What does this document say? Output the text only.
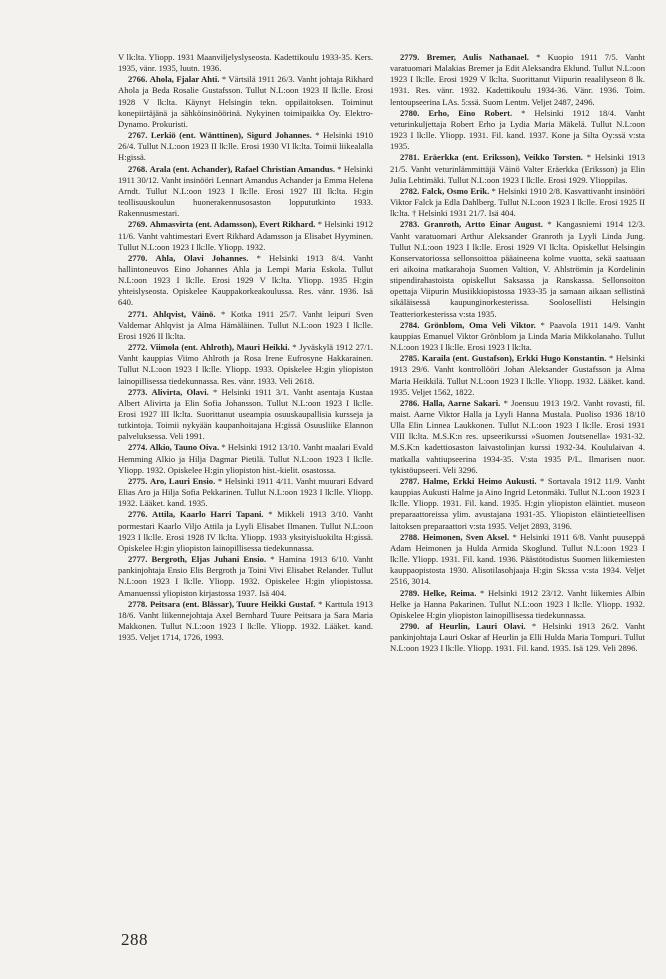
V lk:lta. Yliopp. 1931 Maanviljelyslyseosta. Kadettikoulu 1933-35. Kers. 1935, vänr. 1935, luutn. 1936.

2766. Ahola, Fjalar Ahti. * Värtsilä 1911 26/3. Vanht johtaja Rikhard Ahola ja Beda Rosalie Gustafsson. Tullut N.L:oon 1923 II lk:lle. Erosi 1928 V lk:lta. Käynyt Helsingin tekn. oppilaitoksen. Toiminut konepiirtäjänä ja sähköinsinöörinä. Nykyinen toimipaikka Oy. Elektro-Dynamo. Prokuristi.

2767. Lerkiö (ent. Wänttinen), Sigurd Johannes. * Helsinki 1910 26/4. Tullut N.L:oon 1923 II lk:lle. Erosi 1930 VI lk:lta. Toimii liikealalla H:gissä.

2768. Arala (ent. Achander), Rafael Christian Amandus. * Helsinki 1911 30/12. Vanht insinööri Lennart Amandus Achander ja Emma Helena Arndt. Tullut N.L:oon 1923 I lk:lle. Erosi 1927 III lk:lta. H:gin teollisuuskoulun huonerakennusosaston loppututkinto 1933. Rakennusmestari.

2769. Ahmasvirta (ent. Adamsson), Evert Rikhard. * Helsinki 1912 11/6. Vanht vahtimestari Evert Rikhard Adamsson ja Elisabet Hyyminen. Tullut N.L:oon 1923 I lk:lle. Yliopp. 1932.

2770. Ahla, Olavi Johannes. * Helsinki 1913 8/4. Vanht hallintoneuvos Eino Johannes Ahla ja Lempi Maria Eskola. Tullut N.L:oon 1923 I lk:lle. Erosi 1929 V lk:lta. Yliopp. 1935 H:gin yhteislyseosta. Opiskelee Kauppakorkeakoulussa. Res. vänr. 1936. Isä 640.

2771. Ahlqvist, Väinö. * Kotka 1911 25/7. Vanht leipuri Sven Valdemar Ahlqvist ja Alma Hämäläinen. Tullut N.L:oon 1923 I lk:lle. Erosi 1926 II lk:lta.

2772. Viimola (ent. Ahlroth), Mauri Heikki. * Jyväskylä 1912 27/1. Vanht kauppias Viimo Ahlroth ja Rosa Irene Eufrosyne Hakkarainen. Tullut N.L:oon 1923 I lk:lle. Yliopp. 1933. Opiskelee H:gin yliopiston lainopillisessa tiedekunnassa. Res. vänr. 1933. Veli 2618.

2773. Alivirta, Olavi. * Helsinki 1911 3/1. Vanht asentaja Kustaa Albert Alivirta ja Elin Sofia Johansson. Tullut N.L:oon 1923 I lk:lle. Erosi 1927 III lk:lta. Suorittanut useampia osuuskaupallisia kursseja ja tutkintoja. Toimii nykyään kaupanhoitajana H:gissä Osuusliike Elannon palveluksessa. Veli 1991.

2774. Alkio, Tauno Oiva. * Helsinki 1912 13/10. Vanht maalari Evald Hemming Alkio ja Hilja Dagmar Pietilä. Tullut N.L:oon 1923 I lk:lle. Yliopp. 1932. Opiskelee H:gin yliopiston hist.-kielit. osastossa.

2775. Aro, Lauri Ensio. * Helsinki 1911 4/11. Vanht muurari Edvard Elias Aro ja Hilja Sofia Pekkarinen. Tullut N.L:oon 1923 I lk:lle. Yliopp. 1932. Lääket. kand. 1935.

2776. Attila, Kaarlo Harri Tapani. * Mikkeli 1913 3/10. Vanht pormestari Kaarlo Viljo Attila ja Lyyli Elisabet Ilmanen. Tullut N.L:oon 1923 I lk:lle. Erosi 1928 IV lk:lta. Yliopp. 1933 yksityisluokilta H:gissä. Opiskelee H:gin yliopiston lainopillisessa tiedekunnassa.

2777. Bergroth, Eljas Juhani Ensio. * Hamina 1913 6/10. Vanht pankinjohtaja Ensio Elis Bergroth ja Toini Vivi Elisabet Relander. Tullut N.L:oon 1923 I lk:lle. Yliopp. 1932. Opiskelee H:gin yliopistossa. Amanuenssi yliopiston kirjastossa 1937. Isä 404.

2778. Peitsara (ent. Blässar), Tuure Heikki Gustaf. * Karttula 1913 18/6. Vanht liikennejohtaja Axel Bernhard Tuure Peitsara ja Sara Maria Makkonen. Tullut N.L:oon 1923 I lk:lle. Yliopp. 1932. Lääket. kand. 1935. Veljet 1714, 1726, 1993.

2779. Bremer, Aulis Nathanael. * Kuopio 1911 7/5. Vanht varatuomari Malakias Bremer ja Edit Aleksandra Eklund. Tullut N.L:oon 1923 I lk:lle. Erosi 1929 V lk:lta. Suorittanut Viipurin reaalilyseon 8 lk. 1931. Res. vänr. 1932. Kadettikoulu 1934-36. Vänr. 1936. Toim. lentoupseerina LAs. 5:ssä. Suom Lentm. Veljet 2487, 2496.

2780. Erho, Eino Robert. * Helsinki 1912 18/4. Vanht veturinkuljettaja Robert Erho ja Lydia Maria Mäkelä. Tullut N.L:oon 1923 I lk:lle. Yliopp. 1931. Fil. kand. 1937. Kone ja Silta Oy:ssä v:sta 1935.

2781. Eräerkka (ent. Eriksson), Veikko Torsten. * Helsinki 1913 21/5. Vanht veturinlämmittäjä Väinö Valter Eräerkka (Eriksson) ja Elin Julia Lehtimäki. Tullut N.L:oon 1923 I lk:lle. Erosi 1929. Ylioppilas.

2782. Falck, Osmo Erik. * Helsinki 1910 2/8. Kasvattivanht insinööri Viktor Falck ja Edla Dahlberg. Tullut N.L:oon 1923 I lk:lle. Erosi 1925 II lk:lta. † Helsinki 1931 21/7. Isä 404.

2783. Granroth, Artto Einar August. * Kangasniemi 1914 12/3. Vanht varatuomari Arthur Aleksander Granroth ja Lyyli Linda Jung. Tullut N.L:oon 1923 I lk:lle. Erosi 1929 VI lk:lta. Opiskellut Helsingin Konservatoriossa sellonsoittoa pääaineena kolme vuotta, sekä saatuaan eri aikoina matkarahoja Suomen Valtion, V. Ahlströmin ja Kordelinin stipendirahastoista opiskellut Saksassa ja Ranskassa. Sellonsoiton opettaja Viipurin Musiikkiopistossa 1933-35 ja samaan aikaan sellistinä sikäläisessä kaupunginorkesterissa. Soolosellisti Helsingin Teatteriorkesterissa v:sta 1935.

2784. Grönblom, Oma Veli Viktor. * Paavola 1911 14/9. Vanht kauppias Emanuel Viktor Grönblom ja Linda Maria Mikkolanaho. Tullut N.L:oon 1923 I lk:lle. Erosi 1923 I lk:lta.

2785. Karaila (ent. Gustafson), Erkki Hugo Konstantin. * Helsinki 1913 29/6. Vanht kontrollööri Johan Aleksander Gustafsson ja Alma Maria Heikkilä. Tullut N.L:oon 1923 I lk:lle. Yliopp. 1932. Lääket. kand. 1935. Veljet 1562, 1822.

2786. Halla, Aarne Sakari. * Joensuu 1913 19/2. Vanht rovasti, fil. maist. Aarne Viktor Halla ja Lyyli Hanna Mustala. Puoliso 1936 18/10 Ulla Elin Linnea Laukkonen. Tullut N.L:oon 1923 I lk:lle. Erosi 1931 VIII lk:lta. M.S.K:n res. upseerikurssi »Suomen Joutsenella» 1931-32. M.S.K:n kadettiosaston laivastolinjan kurssi 1932-34. Koululaivan 4. matkalla vahtiupseerina 1934-35. V:sta 1935 P/L. Ilmarisen nuor. tykistöupseeri. Veli 3296.

2787. Halme, Erkki Heimo Aukusti. * Sortavala 1912 11/9. Vanht kauppias Aukusti Halme ja Aino Ingrid Letonmäki. Tullut N.L:oon 1923 I lk:lle. Yliopp. 1931. Fil. kand. 1935. H:gin yliopiston eläintiet. museon preparaattoreissa ylim. avustajana 1931-35. Yliopiston eläintieteellisen laitoksen preparaattori v:sta 1935. Veljet 2893, 3196.

2788. Heimonen, Sven Aksel. * Helsinki 1911 6/8. Vanht puuseppä Adam Heimonen ja Hulda Armida Skoglund. Tullut N.L:oon 1923 I lk:lle. Yliopp. 1931. Fil. kand. 1936. Päästötodistus Suomen liikemiesten kauppaopistosta 1930. Alisotilasohjaaja H:gin Sk:ssa v:sta 1934. Veljet 2516, 3014.

2789. Helke, Reima. * Helsinki 1912 23/12. Vanht liikemies Albin Helke ja Hanna Pakarinen. Tullut N.L:oon 1923 I lk:lle. Yliopp. 1932. Opiskelee H:gin yliopiston lainopillisessa tiedekunnassa.

2790. af Heurlin, Lauri Olavi. * Helsinki 1913 26/2. Vanht pankinjohtaja Lauri Oskar af Heurlin ja Elli Hulda Maria Tompuri. Tullut N.L:oon 1923 I lk:lle. Yliopp. 1931. Fil. kand. 1935. Isä 129. Veli 2896.

288
